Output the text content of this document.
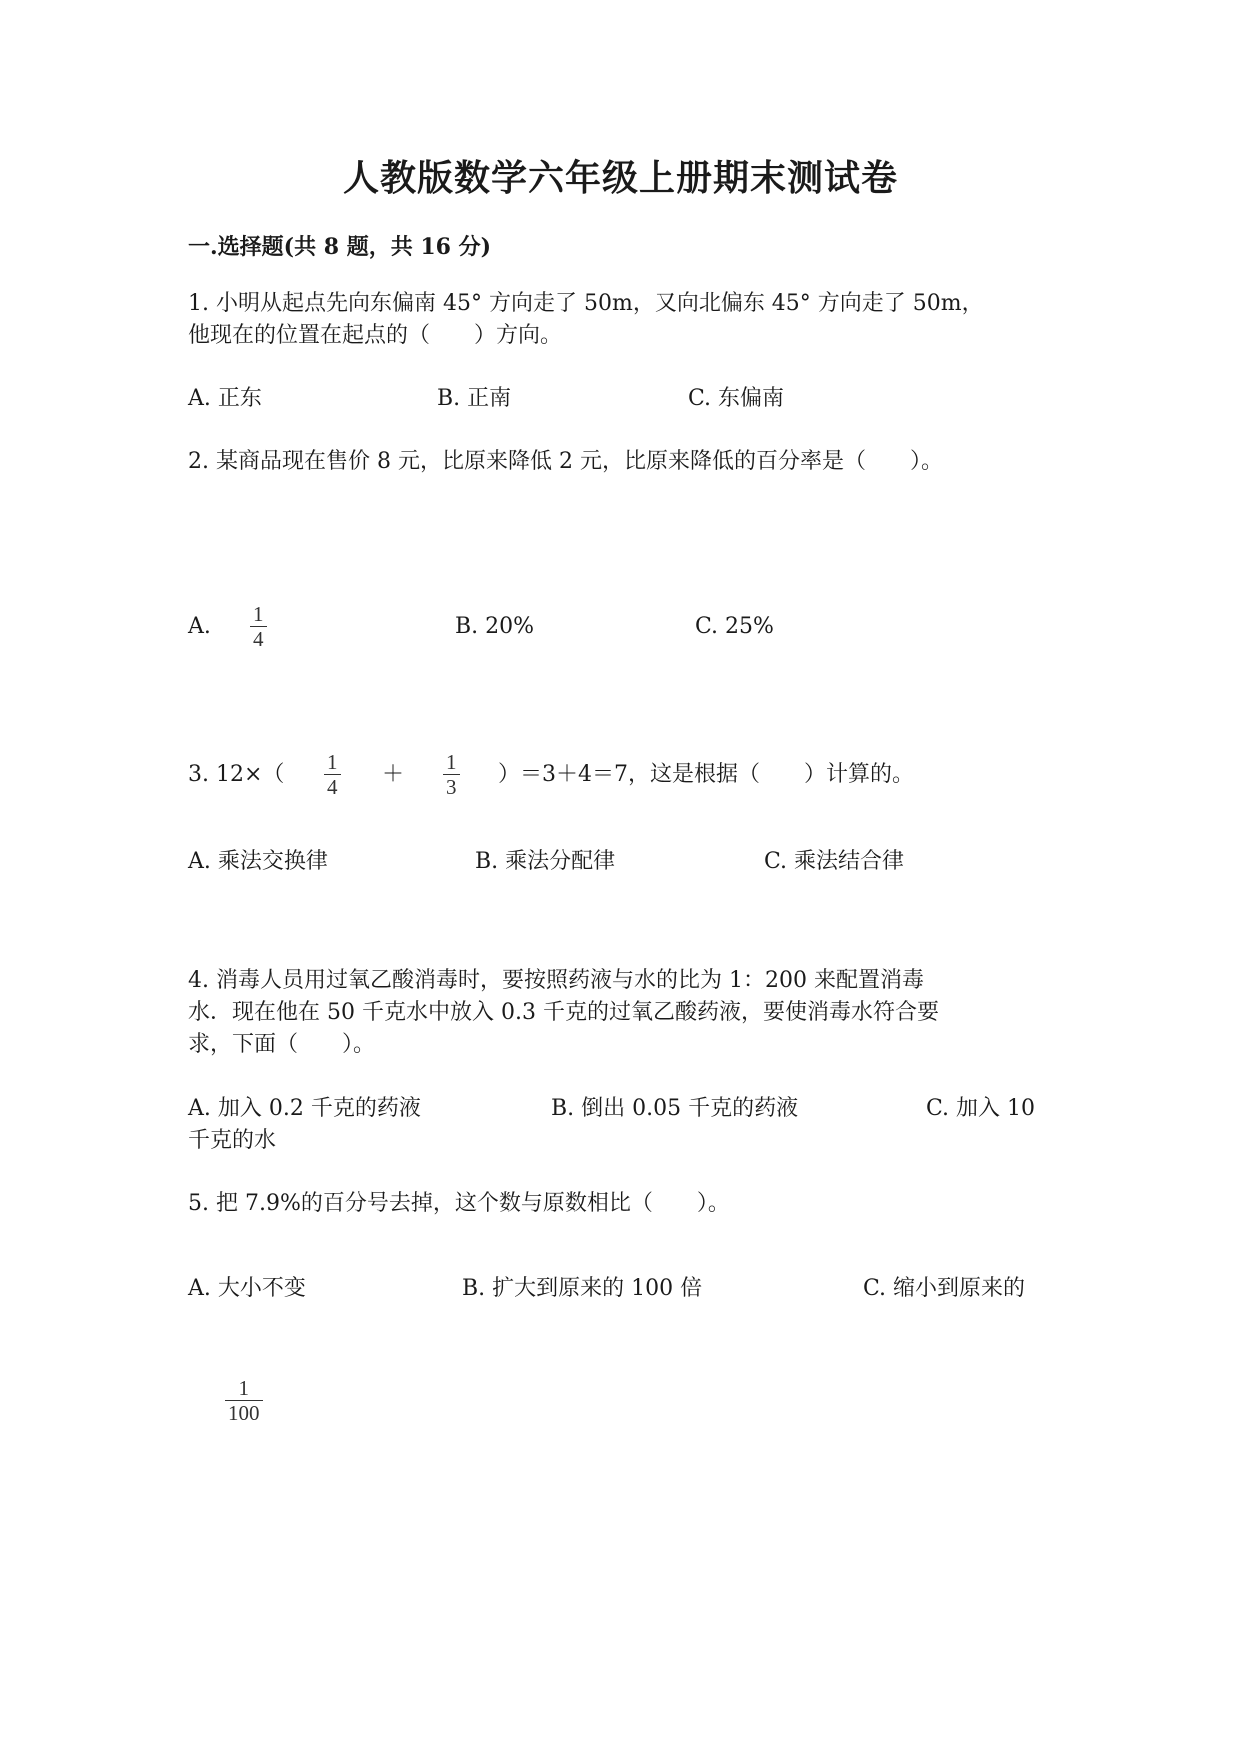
人教版数学六年级上册期末测试卷
一.选择题(共 8 题，共 16 分)
1. 小明从起点先向东偏南 45° 方向走了 50m，又向北偏东 45° 方向走了 50m，
他现在的位置在起点的（　　）方向。
A. 正东	B. 正南	C. 东偏南
2. 某商品现在售价 8 元，比原来降低 2 元，比原来降低的百分率是（　　）。
A. $\frac{1}{4}$	B. 20%	C. 25%
3. $12\times( \frac{1}{4} + \frac{1}{3} )=3+4=7$，这是根据（　　）计算的。
A. 乘法交换律	B. 乘法分配律	C. 乘法结合律
4. 消毒人员用过氧乙酸消毒时，要按照药液与水的比为 1：200 来配置消毒
水．现在他在 50 千克水中放入 0.3 千克的过氧乙酸药液，要使消毒水符合要
求，下面（　　）。
A. 加入 0.2 千克的药液	B. 倒出 0.05 千克的药液	C. 加入 10
千克的水
5. 把 7.9%的百分号去掉，这个数与原数相比（　　）。
A. 大小不变	B. 扩大到原来的 100 倍	C. 缩小到原来的
$\frac{1}{100}$
